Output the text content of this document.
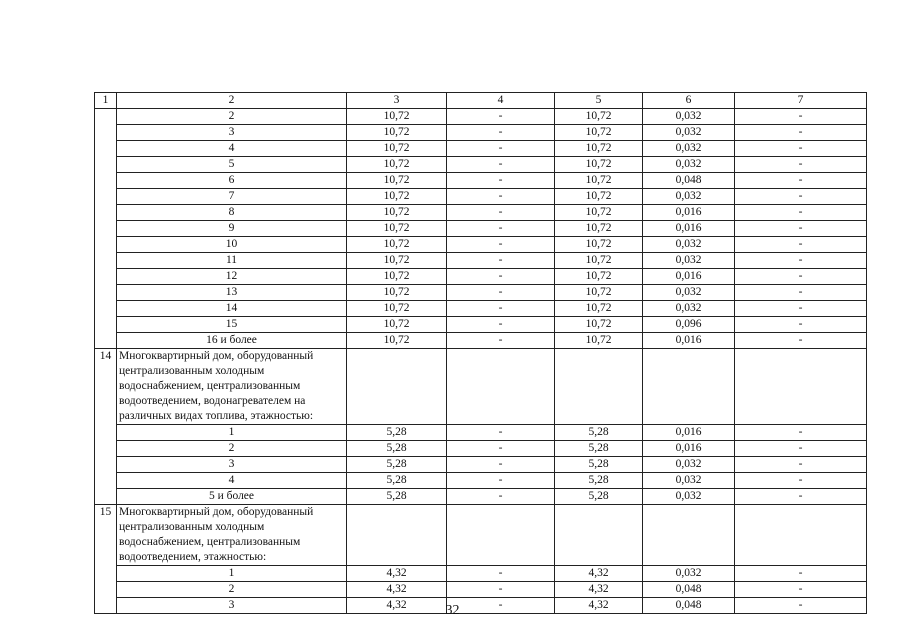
1	2	3	4	5	6	7
	2	10,72	-	10,72	0,032	-
	3	10,72	-	10,72	0,032	-
	4	10,72	-	10,72	0,032	-
	5	10,72	-	10,72	0,032	-
	6	10,72	-	10,72	0,048	-
	7	10,72	-	10,72	0,032	-
	8	10,72	-	10,72	0,016	-
	9	10,72	-	10,72	0,016	-
	10	10,72	-	10,72	0,032	-
	11	10,72	-	10,72	0,032	-
	12	10,72	-	10,72	0,016	-
	13	10,72	-	10,72	0,032	-
	14	10,72	-	10,72	0,032	-
	15	10,72	-	10,72	0,096	-
	16 и более	10,72	-	10,72	0,016	-
14	Многоквартирный дом, оборудованный централизованным холодным водоснабжением, централизованным водоотведением, водонагревателем на различных видах топлива, этажностью:					
	1	5,28	-	5,28	0,016	-
	2	5,28	-	5,28	0,016	-
	3	5,28	-	5,28	0,032	-
	4	5,28	-	5,28	0,032	-
	5 и более	5,28	-	5,28	0,032	-
15	Многоквартирный дом, оборудованный централизованным холодным водоснабжением, централизованным водоотведением, этажностью:					
	1	4,32	-	4,32	0,032	-
	2	4,32	-	4,32	0,048	-
	3	4,32	-	4,32	0,048	-
32
